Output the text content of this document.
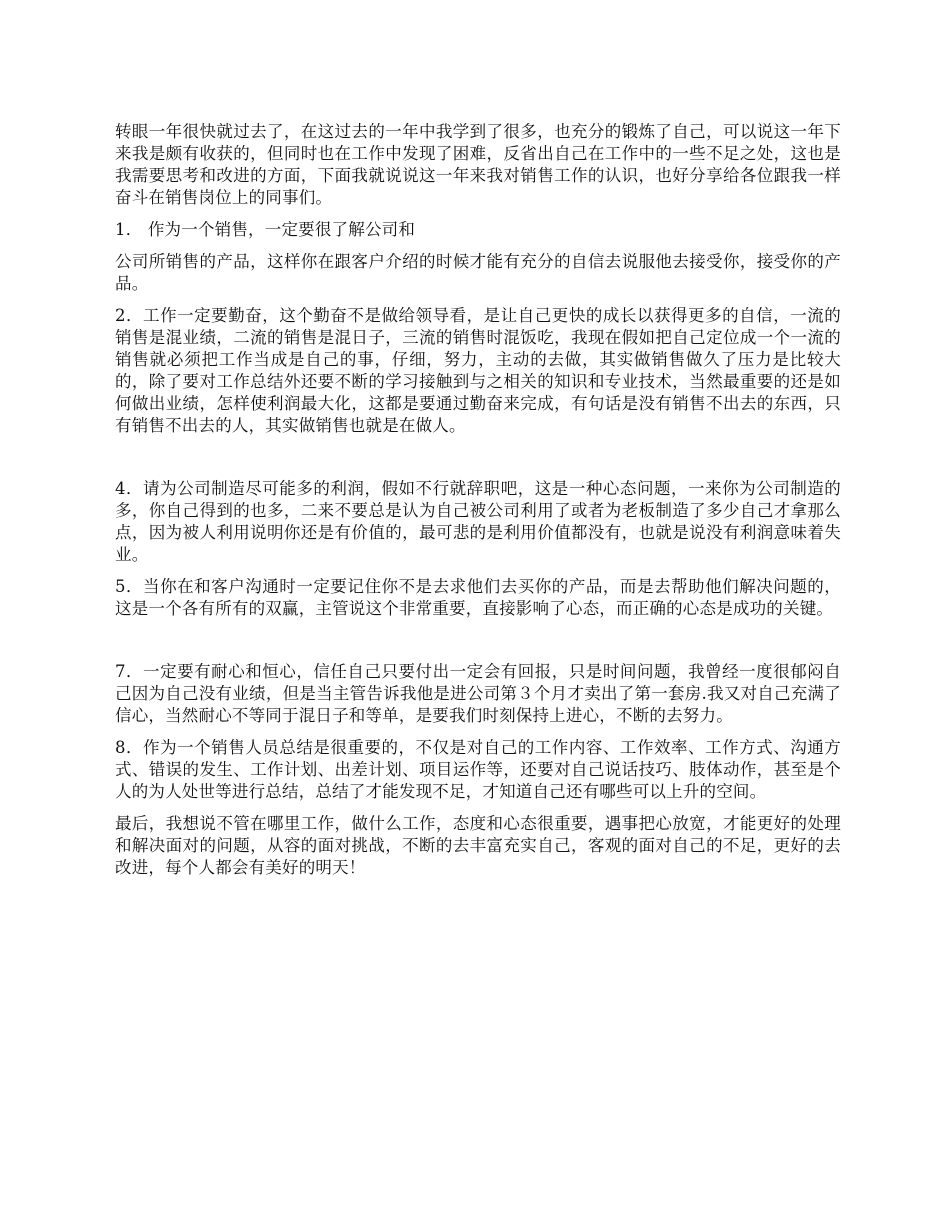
转眼一年很快就过去了，在这过去的一年中我学到了很多，也充分的锻炼了自己，可以说这一年下来我是颇有收获的，但同时也在工作中发现了困难，反省出自己在工作中的一些不足之处，这也是我需要思考和改进的方面，下面我就说说这一年来我对销售工作的认识，也好分享给各位跟我一样奋斗在销售岗位上的同事们。

1． 作为一个销售，一定要很了解公司和

公司所销售的产品，这样你在跟客户介绍的时候才能有充分的自信去说服他去接受你，接受你的产品。

2．工作一定要勤奋，这个勤奋不是做给领导看，是让自己更快的成长以获得更多的自信，一流的销售是混业绩，二流的销售是混日子，三流的销售时混饭吃，我现在假如把自己定位成一个一流的销售就必须把工作当成是自己的事，仔细，努力，主动的去做，其实做销售做久了压力是比较大的，除了要对工作总结外还要不断的学习接触到与之相关的知识和专业技术，当然最重要的还是如何做出业绩，怎样使利润最大化，这都是要通过勤奋来完成，有句话是没有销售不出去的东西，只有销售不出去的人，其实做销售也就是在做人。

4．请为公司制造尽可能多的利润，假如不行就辞职吧，这是一种心态问题，一来你为公司制造的多，你自己得到的也多，二来不要总是认为自己被公司利用了或者为老板制造了多少自己才拿那么点，因为被人利用说明你还是有价值的，最可悲的是利用价值都没有，也就是说没有利润意味着失业。

5．当你在和客户沟通时一定要记住你不是去求他们去买你的产品，而是去帮助他们解决问题的，这是一个各有所有的双赢，主管说这个非常重要，直接影响了心态，而正确的心态是成功的关键。

7．一定要有耐心和恒心，信任自己只要付出一定会有回报，只是时间问题，我曾经一度很郁闷自己因为自己没有业绩，但是当主管告诉我他是进公司第３个月才卖出了第一套房.我又对自己充满了信心，当然耐心不等同于混日子和等单，是要我们时刻保持上进心，不断的去努力。

8．作为一个销售人员总结是很重要的，不仅是对自己的工作内容、工作效率、工作方式、沟通方式、错误的发生、工作计划、出差计划、项目运作等，还要对自己说话技巧、肢体动作，甚至是个人的为人处世等进行总结，总结了才能发现不足，才知道自己还有哪些可以上升的空间。

最后，我想说不管在哪里工作，做什么工作，态度和心态很重要，遇事把心放宽，才能更好的处理和解决面对的问题，从容的面对挑战，不断的去丰富充实自己，客观的面对自己的不足，更好的去改进，每个人都会有美好的明天！
